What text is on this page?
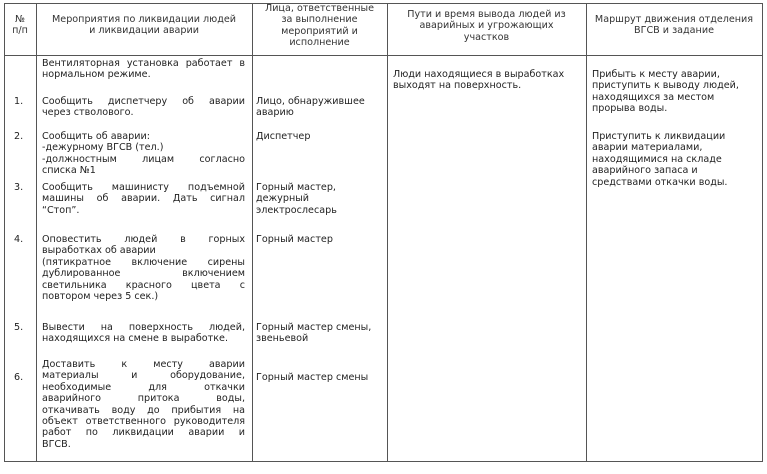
№
п/п
Мероприятия по ликвидации людей
и ликвидации аварии
Лица, ответственные
за выполнение
мероприятий и
исполнение
Пути и время вывода людей из
аварийных и угрожающих
участков
Маршрут движения отделения
ВГСВ и задание
Вентиляторная установка работает в
нормальном режиме.
1. Сообщить диспетчеру об аварии
через стволового.
Лицо, обнаружившее
аварию
Люди находящиеся в выработках
выходят на поверхность.
Прибыть к месту аварии,
приступить к выводу людей,
находящихся за местом
прорыва воды.
Приступить к ликвидации
аварии материалами,
находящимися на складе
аварийного запаса и
средствами откачки воды.
2. Сообщить об аварии:
-дежурному ВГСВ (тел.)
-должностным лицам согласно
списка №1
Диспетчер
3. Сообщить машинисту подъемной
машины об аварии. Дать сигнал
“Стоп”.
Горный мастер,
дежурный
электрослесарь
4. Оповестить людей в горных
выработках об аварии
(пятикратное включение сирены
дублированное включением
светильника красного цвета с
повтором через 5 сек.)
Горный мастер
5. Вывести на поверхность людей,
находящихся на смене в выработке.
Горный мастер смены,
звеньевой
6.
Доставить к месту аварии
материалы и оборудование,
необходимые для откачки
аварийного притока воды,
откачивать воду до прибытия на
объект ответственного руководителя
работ по ликвидации аварии и
ВГСВ.
Горный мастер смены
